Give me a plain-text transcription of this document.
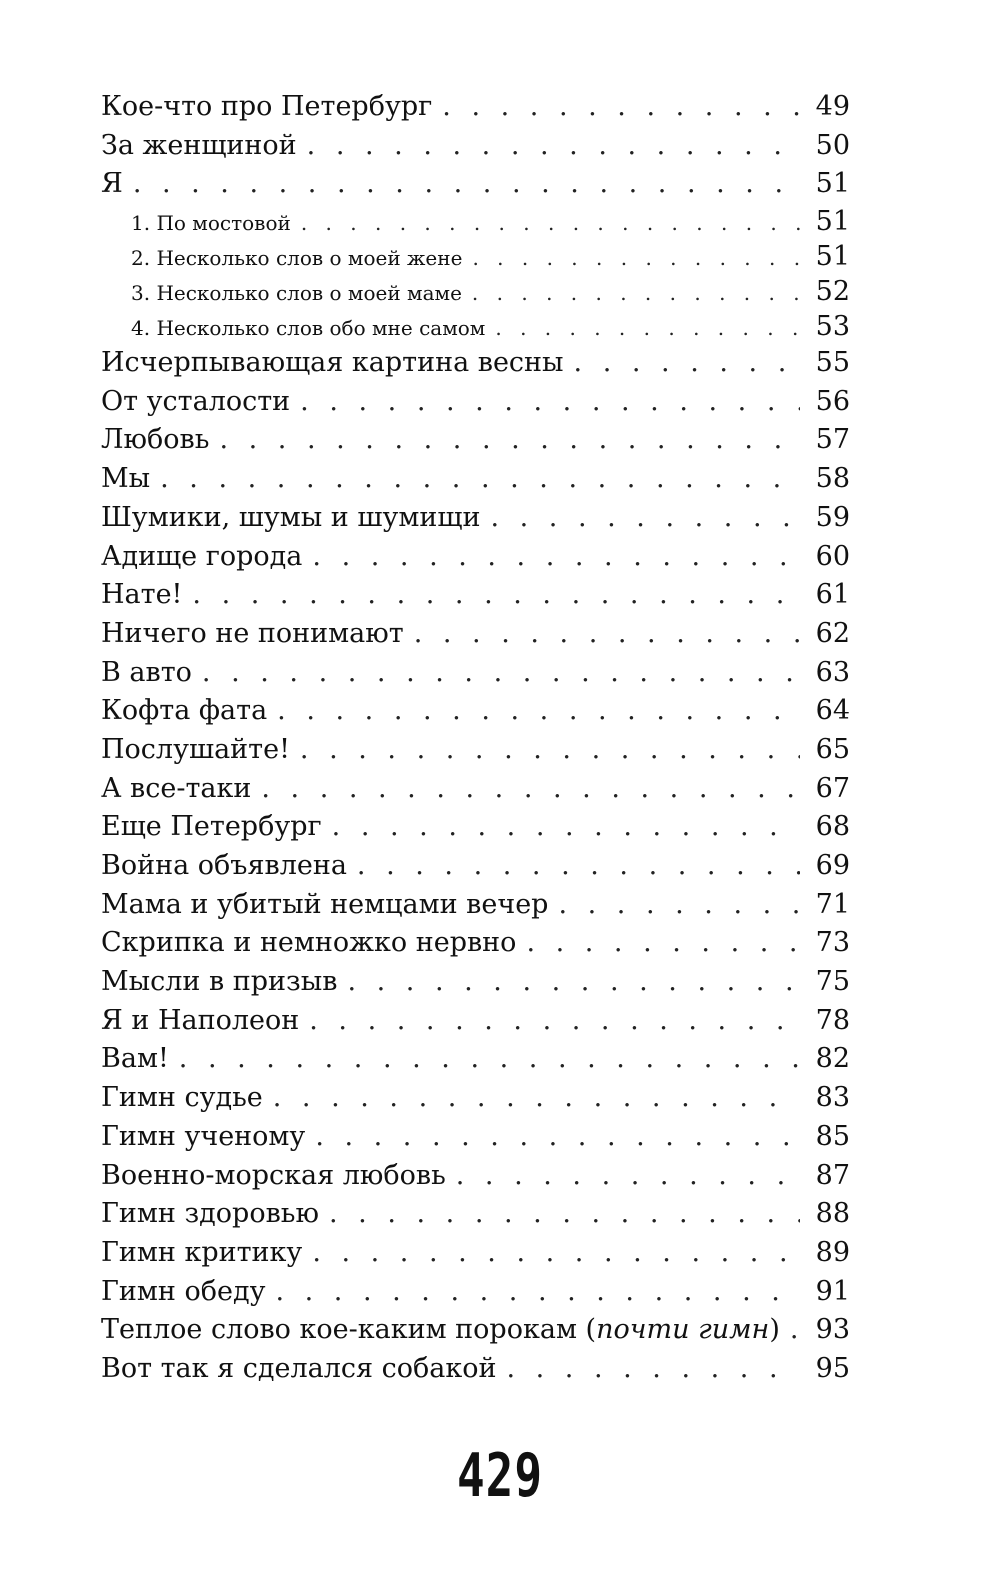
Кое-что про Петербург . . .	49
За женщиной . . .	50
Я . . .	51
1. По мостовой . . .	51
2. Несколько слов о моей жене . . .	51
3. Несколько слов о моей маме . . .	52
4. Несколько слов обо мне самом . . .	53
Исчерпывающая картина весны . . .	55
От усталости . . .	56
Любовь . . .	57
Мы . . .	58
Шумики, шумы и шумищи . . .	59
Адище города . . .	60
Нате! . . .	61
Ничего не понимают . . .	62
В авто . . .	63
Кофта фата . . .	64
Послушайте! . . .	65
А все-таки . . .	67
Еще Петербург . . .	68
Война объявлена . . .	69
Мама и убитый немцами вечер . . .	71
Скрипка и немножко нервно . . .	73
Мысли в призыв . . .	75
Я и Наполеон . . .	78
Вам! . . .	82
Гимн судье . . .	83
Гимн ученому . . .	85
Военно-морская любовь . . .	87
Гимн здоровью . . .	88
Гимн критику . . .	89
Гимн обеду . . .	91
Теплое слово кое-каким порокам (почти гимн) . . . 93
Вот так я сделался собакой . . .	95
429
